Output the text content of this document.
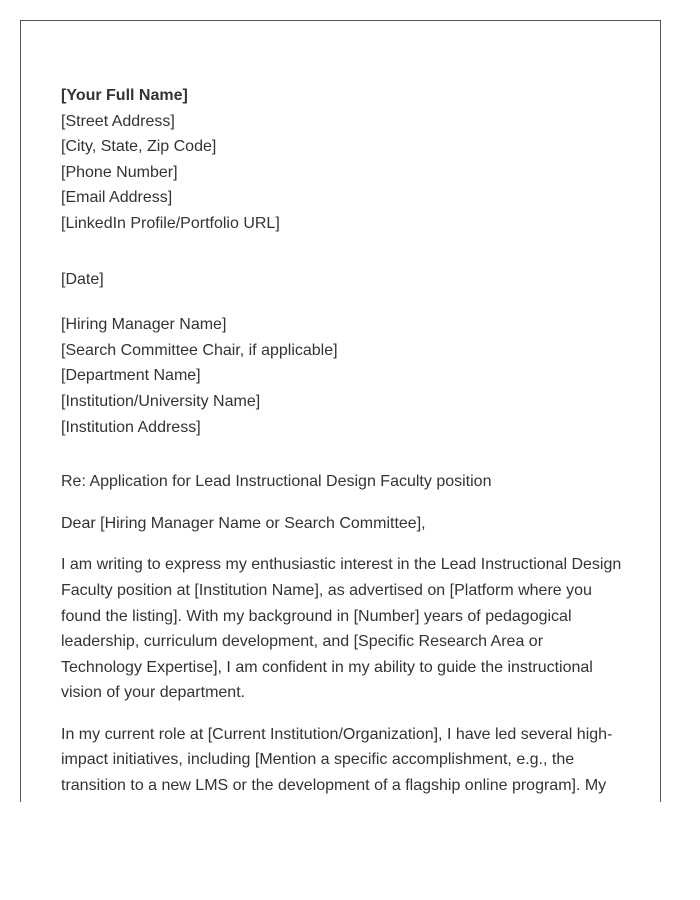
[Your Full Name]
[Street Address]
[City, State, Zip Code]
[Phone Number]
[Email Address]
[LinkedIn Profile/Portfolio URL]
[Date]
[Hiring Manager Name]
[Search Committee Chair, if applicable]
[Department Name]
[Institution/University Name]
[Institution Address]
Re: Application for Lead Instructional Design Faculty position
Dear [Hiring Manager Name or Search Committee],
I am writing to express my enthusiastic interest in the Lead Instructional Design Faculty position at [Institution Name], as advertised on [Platform where you found the listing]. With my background in [Number] years of pedagogical leadership, curriculum development, and [Specific Research Area or Technology Expertise], I am confident in my ability to guide the instructional vision of your department.
In my current role at [Current Institution/Organization], I have led several high-impact initiatives, including [Mention a specific accomplishment, e.g., the transition to a new LMS or the development of a flagship online program]. My
